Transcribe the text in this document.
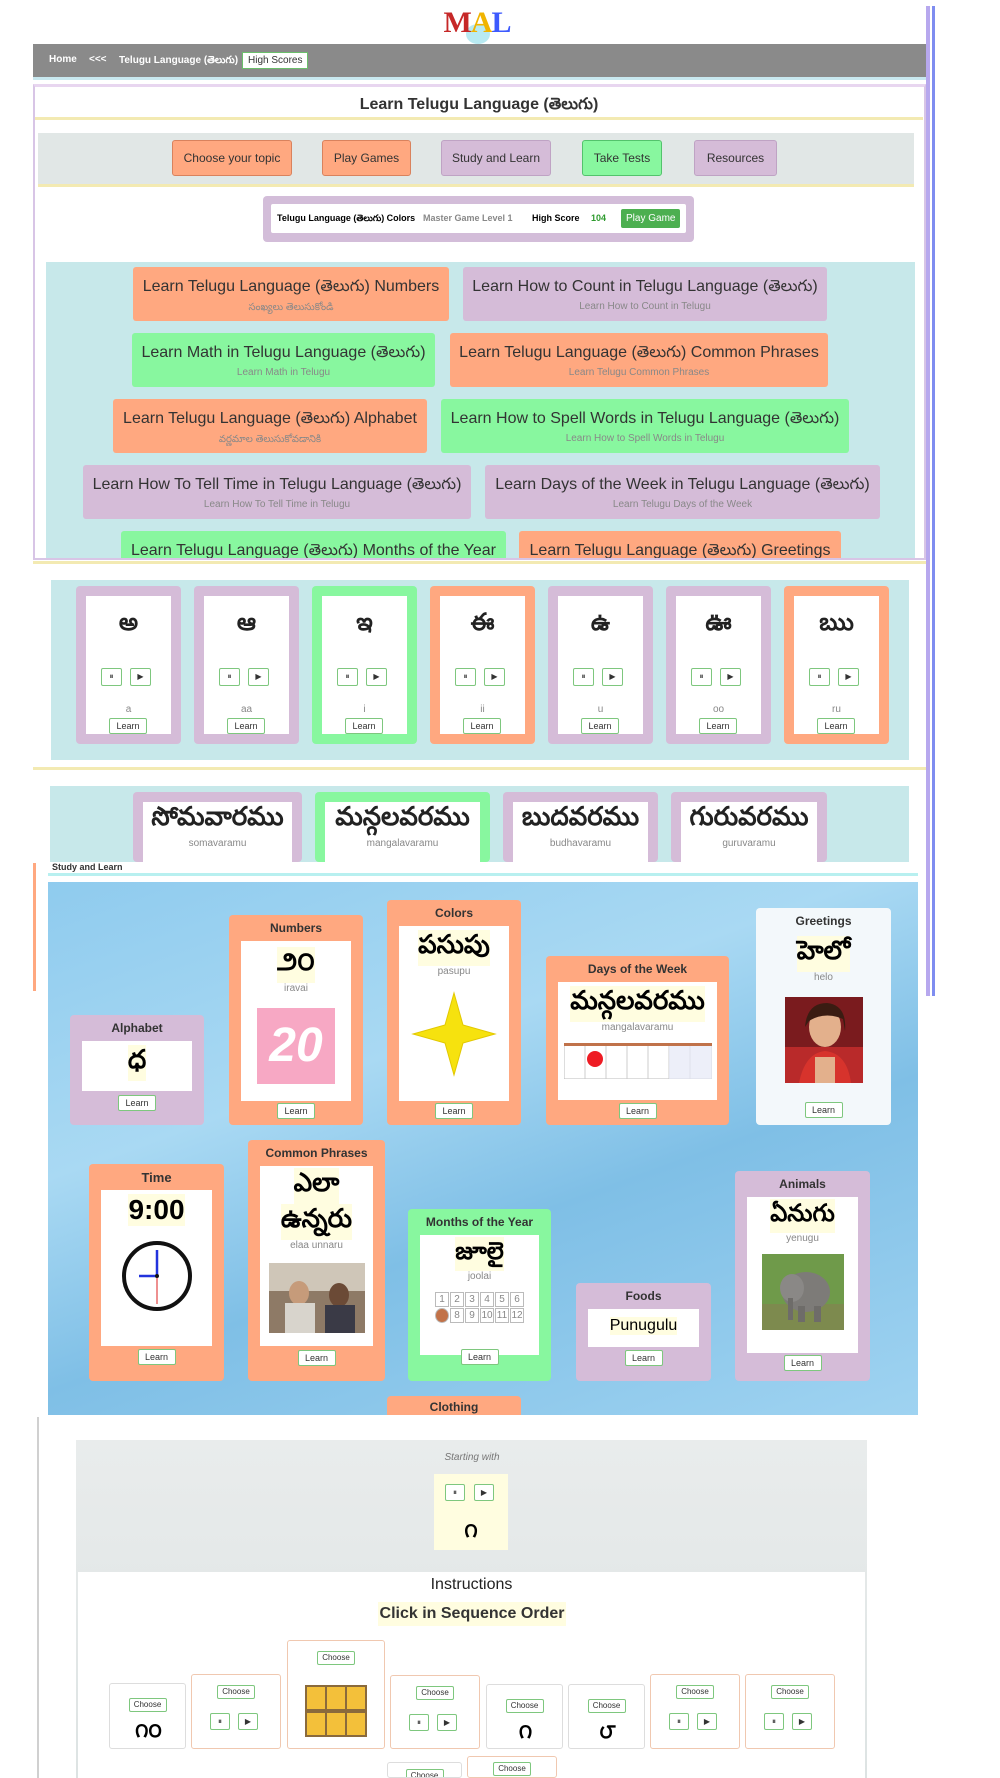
MAL
Home <<< Telugu Language (తెలుగు) High Scores
Learn Telugu Language (తెలుగు)
Choose your topic	Play Games	Study and Learn	Take Tests	Resources
Telugu Language (తెలుగు) Colors Master Game Level 1 High Score 104	Play Game
Learn Telugu Language (తెలుగు) Numbers
సంఖ్యలు తెలుసుకోండి
Learn How to Count in Telugu Language (తెలుగు)
Learn How to Count in Telugu
Learn Math in Telugu Language (తెలుగు)
Learn Math in Telugu
Learn Telugu Language (తెలుగు) Common Phrases
Learn Telugu Common Phrases
Learn Telugu Language (తెలుగు) Alphabet
వర్ణమాల తెలుసుకోవడానికి
Learn How to Spell Words in Telugu Language (తెలుగు)
Learn How to Spell Words in Telugu
Learn How To Tell Time in Telugu Language (తెలుగు)
Learn How To Tell Time in Telugu
Learn Days of the Week in Telugu Language (తెలుగు)
Learn Telugu Days of the Week
Learn Telugu Language (తెలుగు) Months of the Year	Learn Telugu Language (తెలుగు) Greetings
అ
⏸	▶
a
Learn
ఆ
⏸	▶
aa
Learn
ఇ
⏸	▶
i
Learn
ఈ
⏸	▶
ii
Learn
ఉ
⏸	▶
u
Learn
ఊ
⏸	▶
oo
Learn
ఋ
⏸	▶
ru
Learn
సోమవారము
somavaramu
మన్గలవరము
mangalavaramu
బుదవరము
budhavaramu
గురువరము
guruvaramu
Study and Learn
Alphabet
ధ
Learn
Numbers
౨౦
iravai
20
Learn
Colors
పసుపు
pasupu
Learn
Days of the Week
మన్గలవరము
mangalavaramu
Learn
Greetings
హెలో
helo
Learn
Time
9:00
Learn
Common Phrases
ఎలా
ఉన్నరు
elaa unnaru
Learn
Months of the Year
జూలై
joolai
1 2 3 4 5 6

8 9 10 11 12
Learn
Foods
Punugulu
Learn
Animals
ఏనుగు
yenugu
Learn
Clothing
Starting with
⏸	▶
౧
Instructions
Click in Sequence Order
Choose
౧౦
Choose
⏸	▶
Choose
Choose
⏸	▶
Choose
౧
Choose
౮
Choose
⏸	▶
Choose
⏸	▶
Choose
Choose
